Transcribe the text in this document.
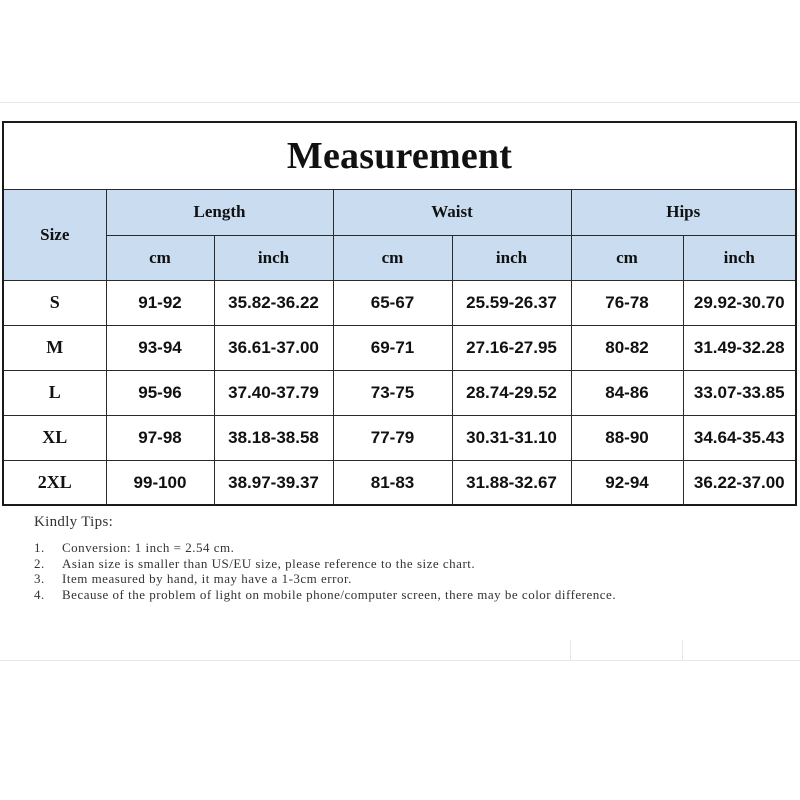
Measurement
Size	Length		Waist		Hips	
	cm	inch	cm	inch	cm	inch
S	91-92	35.82-36.22	65-67	25.59-26.37	76-78	29.92-30.70
M	93-94	36.61-37.00	69-71	27.16-27.95	80-82	31.49-32.28
L	95-96	37.40-37.79	73-75	28.74-29.52	84-86	33.07-33.85
XL	97-98	38.18-38.58	77-79	30.31-31.10	88-90	34.64-35.43
2XL	99-100	38.97-39.37	81-83	31.88-32.67	92-94	36.22-37.00
Kindly Tips:
1.	Conversion: 1 inch = 2.54 cm.
2.	Asian size is smaller than US/EU size, please reference to the size chart.
3.	Item measured by hand, it may have a 1-3cm error.
4.	Because of the problem of light on mobile phone/computer screen, there may be color difference.
